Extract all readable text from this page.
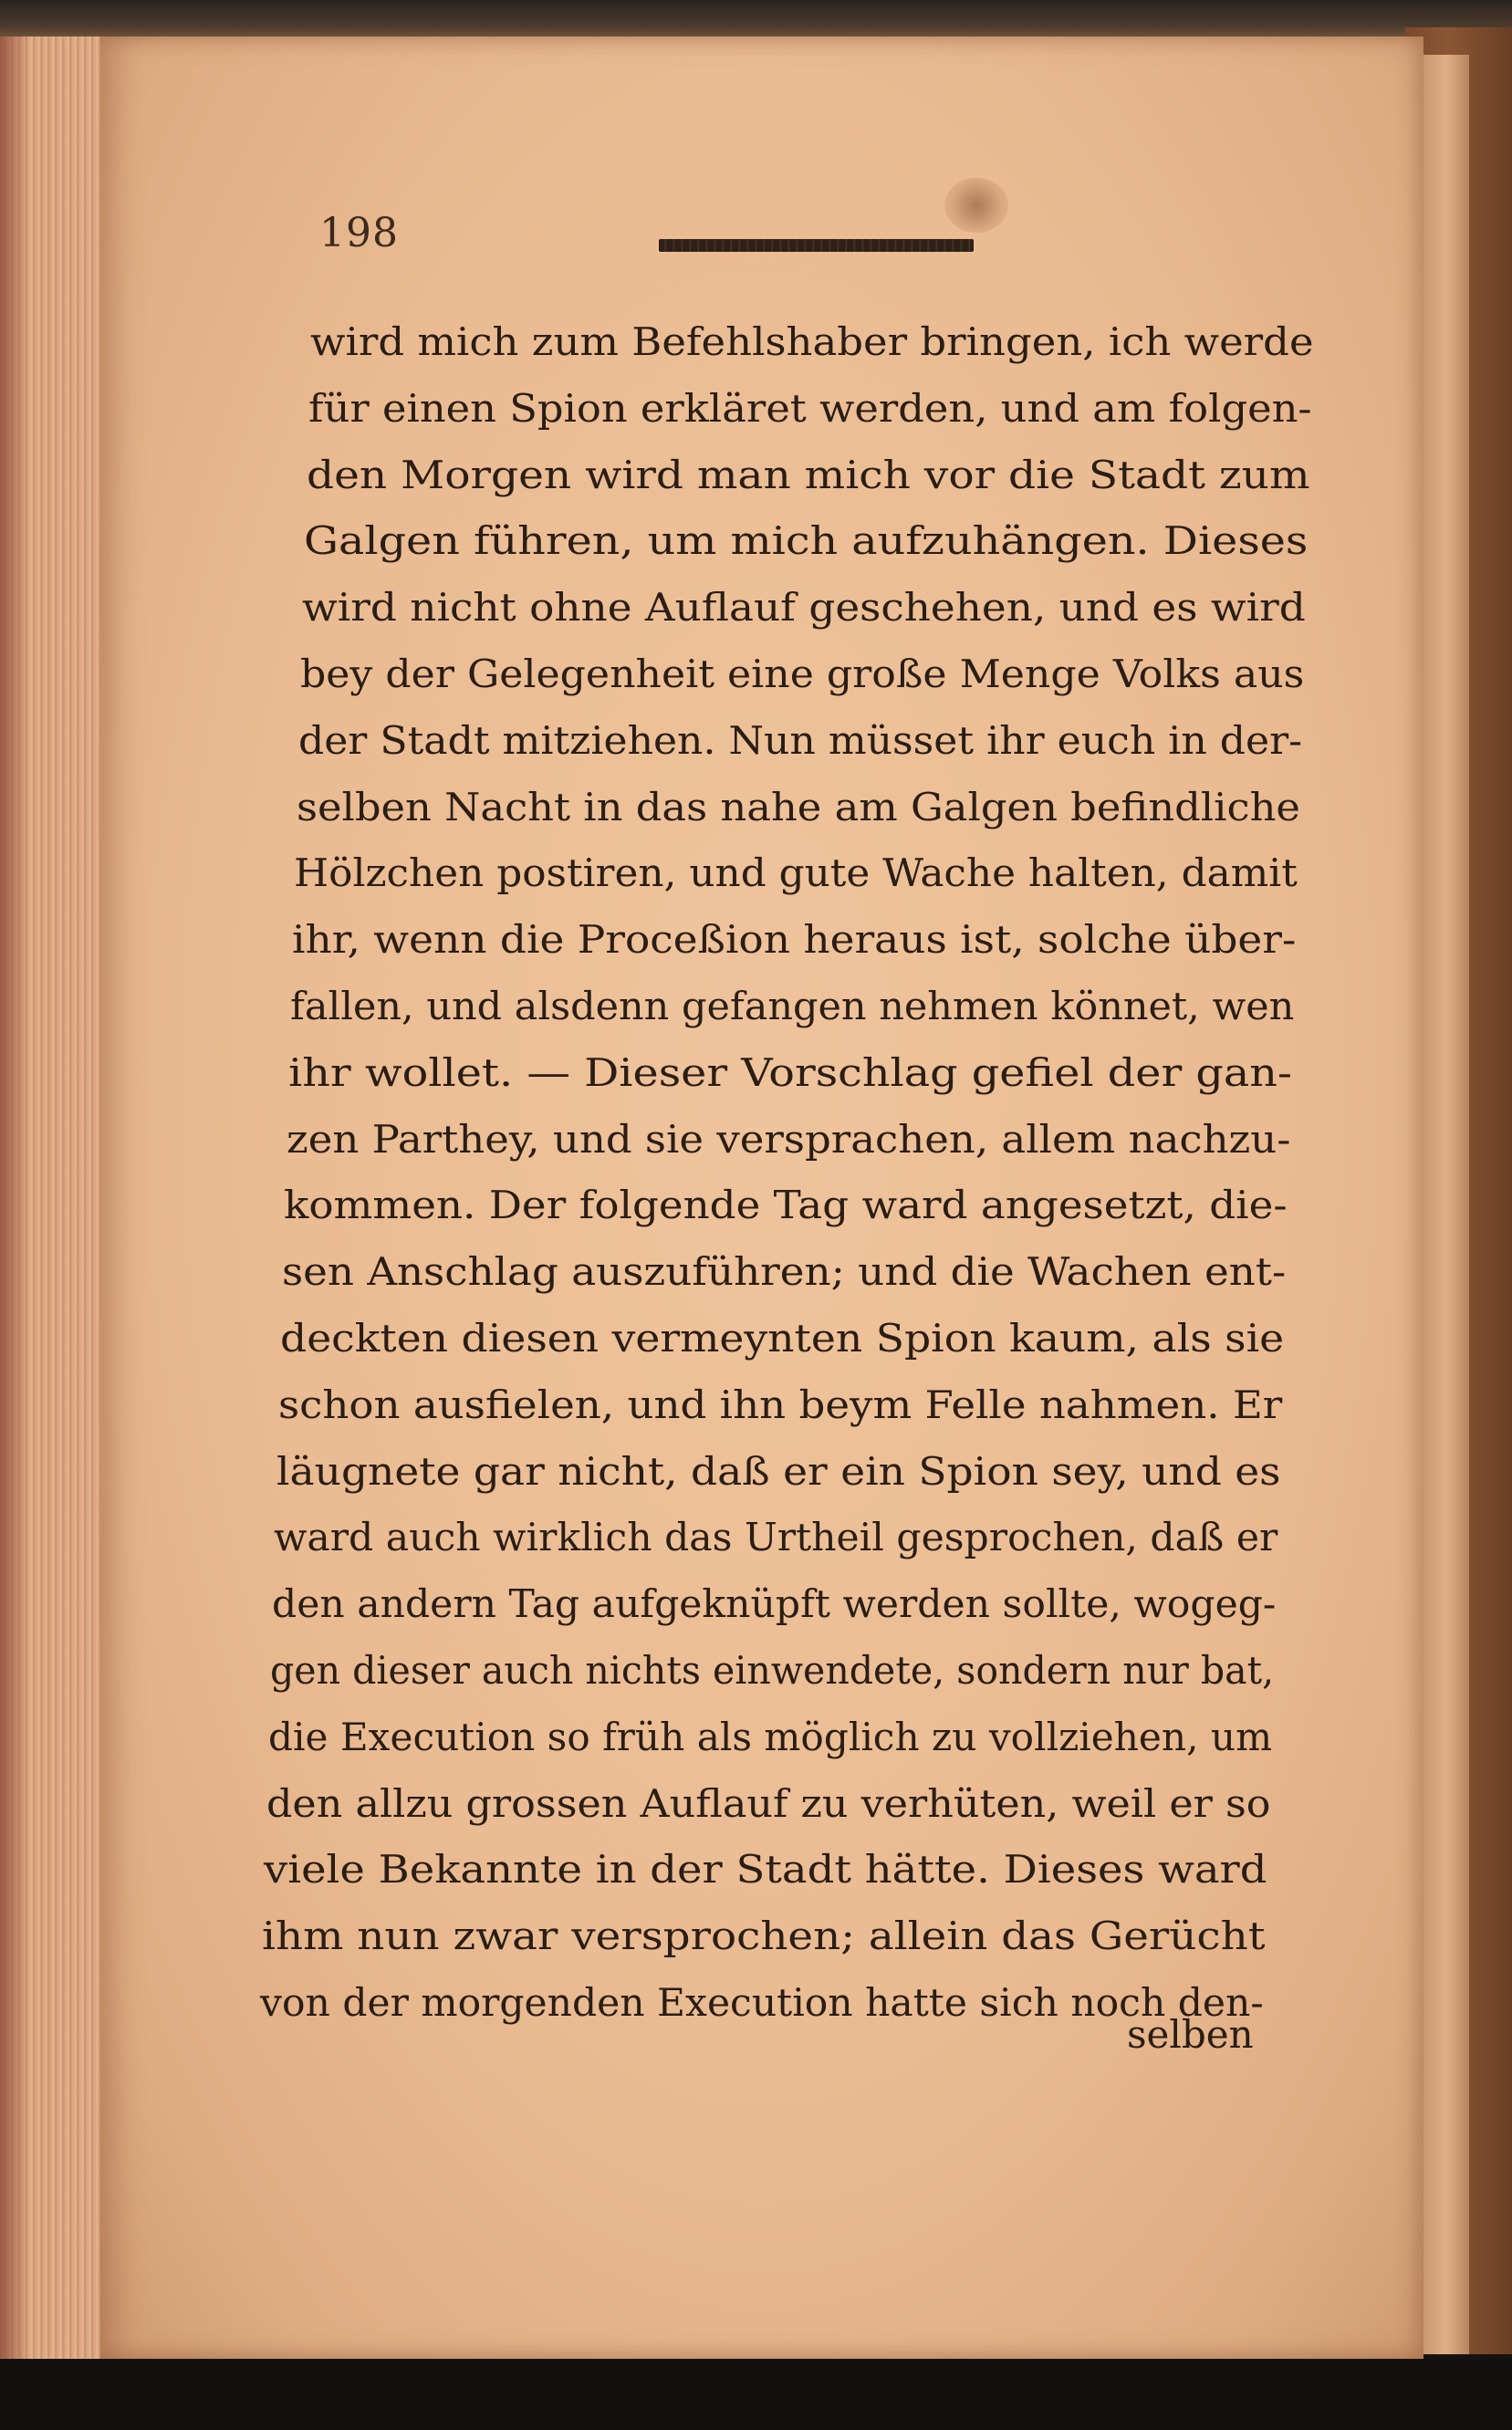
198

wird mich zum Befehlshaber bringen, ich werde

für einen Spion erkläret werden, und am folgen-

den Morgen wird man mich vor die Stadt zum

Galgen führen, um mich aufzuhängen. Dieses

wird nicht ohne Auflauf geschehen, und es wird

bey der Gelegenheit eine große Menge Volks aus

der Stadt mitziehen. Nun müsset ihr euch in der-

selben Nacht in das nahe am Galgen befindliche

Hölzchen postiren, und gute Wache halten, damit

ihr, wenn die Proceßion heraus ist, solche über-

fallen, und alsdenn gefangen nehmen könnet, wen

ihr wollet. — Dieser Vorschlag gefiel der gan-

zen Parthey, und sie versprachen, allem nachzu-

kommen. Der folgende Tag ward angesetzt, die-

sen Anschlag auszuführen; und die Wachen ent-

deckten diesen vermeynten Spion kaum, als sie

schon ausfielen, und ihn beym Felle nahmen. Er

läugnete gar nicht, daß er ein Spion sey, und es

ward auch wirklich das Urtheil gesprochen, daß er

den andern Tag aufgeknüpft werden sollte, wogeg-

gen dieser auch nichts einwendete, sondern nur bat,

die Execution so früh als möglich zu vollziehen, um

den allzu grossen Auflauf zu verhüten, weil er so

viele Bekannte in der Stadt hätte. Dieses ward

ihm nun zwar versprochen; allein das Gerücht

von der morgenden Execution hatte sich noch den-

selben
